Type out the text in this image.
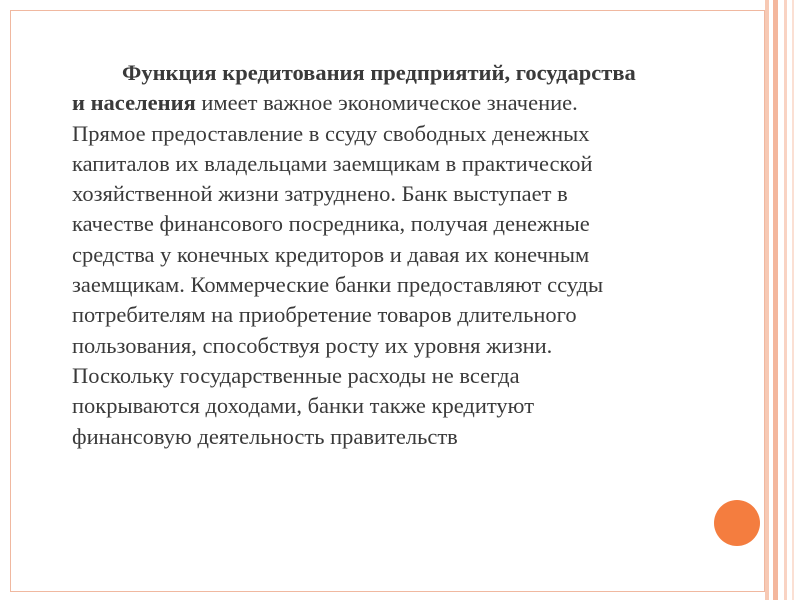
Функция кредитования предприятий, государства
и населения имеет важное экономическое значение.
Прямое предоставление в ссуду свободных денежных
капиталов их владельцами заемщикам в практической
хозяйственной жизни затруднено. Банк выступает в
качестве финансового посредника, получая денежные
средства у конечных кредиторов и давая их конечным
заемщикам. Коммерческие банки предоставляют ссуды
потребителям на приобретение товаров длительного
пользования, способствуя росту их уровня жизни.
Поскольку государственные расходы не всегда
покрываются доходами, банки также кредитуют
финансовую деятельность правительств
